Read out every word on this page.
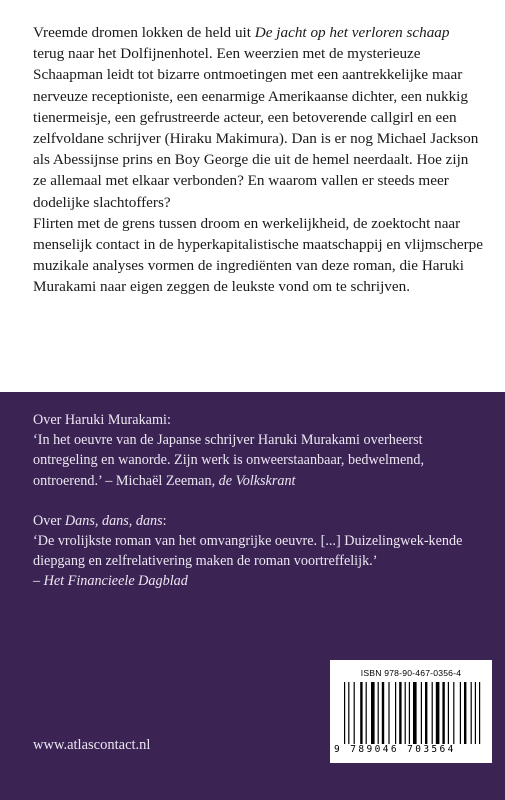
Vreemde dromen lokken de held uit De jacht op het verloren schaap terug naar het Dolfijnenhotel. Een weerzien met de mysterieuze Schaapman leidt tot bizarre ontmoetingen met een aantrekkelijke maar nerveuze receptioniste, een eenarmige Amerikaanse dichter, een nukkig tienermeisje, een gefrustreerde acteur, een betoverende callgirl en een zelfvoldane schrijver (Hiraku Makimura). Dan is er nog Michael Jackson als Abessijnse prins en Boy George die uit de hemel neerdaalt. Hoe zijn ze allemaal met elkaar verbonden? En waarom vallen er steeds meer dodelijke slachtoffers?

Flirten met de grens tussen droom en werkelijkheid, de zoektocht naar menselijk contact in de hyperkapitalistische maatschappij en vlijmscherpe muzikale analyses vormen de ingrediënten van deze roman, die Haruki Murakami naar eigen zeggen de leukste vond om te schrijven.

Over Haruki Murakami:

‘In het oeuvre van de Japanse schrijver Haruki Murakami overheerst ontregeling en wanorde. Zijn werk is onweerstaanbaar, bedwelmend, ontroerend.’ – Michaël Zeeman, de Volkskrant

Over Dans, dans, dans:

‘De vrolijkste roman van het omvangrijke oeuvre. [...] Duizelingwek-kende diepgang en zelfrelativering maken de roman voortreffelijk.’

– Het Financieele Dagblad

www.atlascontact.nl
ISBN 978-90-467-0356-4
9 789046 703564
